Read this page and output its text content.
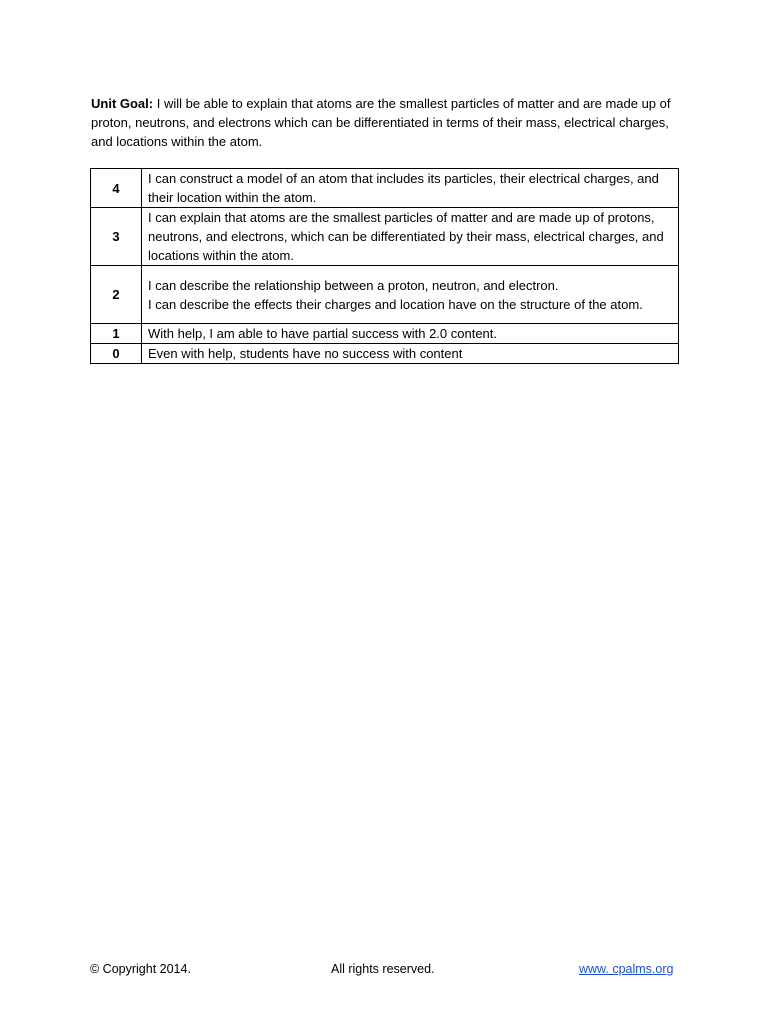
Unit Goal: I will be able to explain that atoms are the smallest particles of matter and are made up of proton, neutrons, and electrons which can be differentiated in terms of their mass, electrical charges, and locations within the atom.
4	I can construct a model of an atom that includes its particles, their electrical charges, and their location within the atom.

3	I can explain that atoms are the smallest particles of matter and are made up of protons, neutrons, and electrons, which can be differentiated by their mass, electrical charges, and locations within the atom.

2	I can describe the relationship between a proton, neutron, and electron.
I can describe the effects their charges and location have on the structure of the atom.

1	With help, I am able to have partial success with 2.0 content.

0	Even with help, students have no success with content
© Copyright 2014.	All rights reserved.	www. cpalms.org
